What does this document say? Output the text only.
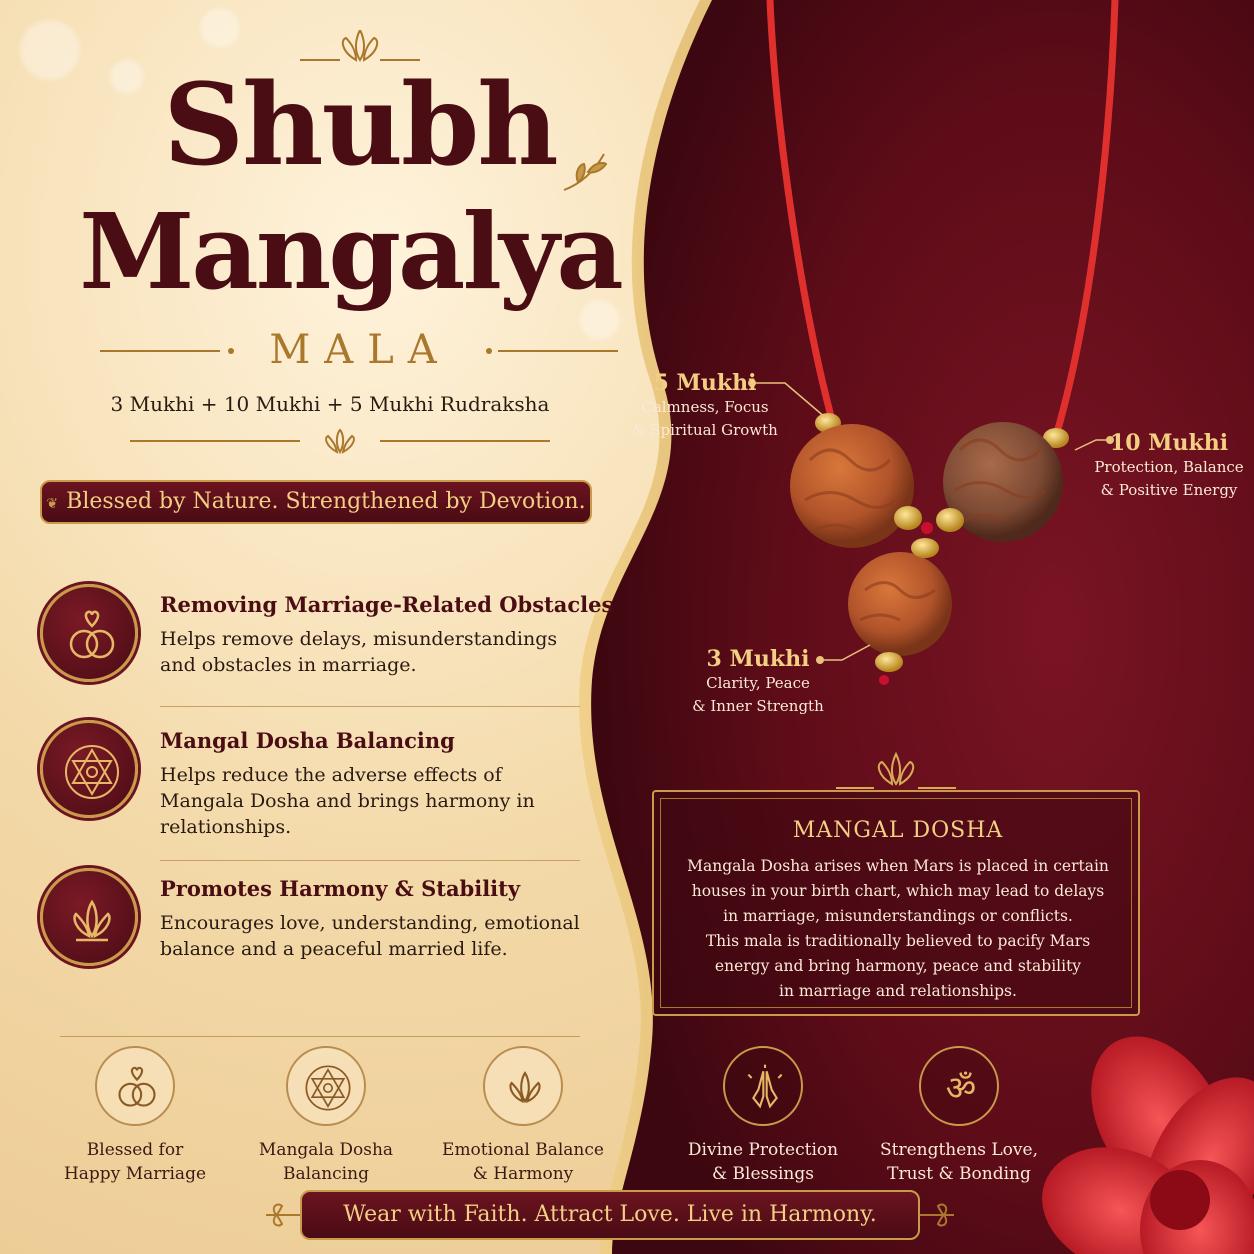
Shubh
Mangalya
MALA
3 Mukhi + 10 Mukhi + 5 Mukhi Rudraksha
❦ Blessed by Nature. Strengthened by Devotion.
Removing Marriage-Related Obstacles
Helps remove delays, misunderstandings and obstacles in marriage.
Mangal Dosha Balancing
Helps reduce the adverse effects of Mangala Dosha and brings harmony in relationships.
Promotes Harmony & Stability
Encourages love, understanding, emotional balance and a peaceful married life.
5 Mukhi
Calmness, Focus
& Spiritual Growth	10 Mukhi
Protection, Balance
& Positive Energy
3 Mukhi
Clarity, Peace
& Inner Strength
MANGAL DOSHA
Mangala Dosha arises when Mars is placed in certain
houses in your birth chart, which may lead to delays
in marriage, misunderstandings or conflicts.
This mala is traditionally believed to pacify Mars
energy and bring harmony, peace and stability
in marriage and relationships.
Blessed for
Happy Marriage
Mangala Dosha
Balancing
Emotional Balance
& Harmony
Divine Protection
& Blessings
ॐ
Strengthens Love,
Trust & Bonding
Wear with Faith. Attract Love. Live in Harmony.
